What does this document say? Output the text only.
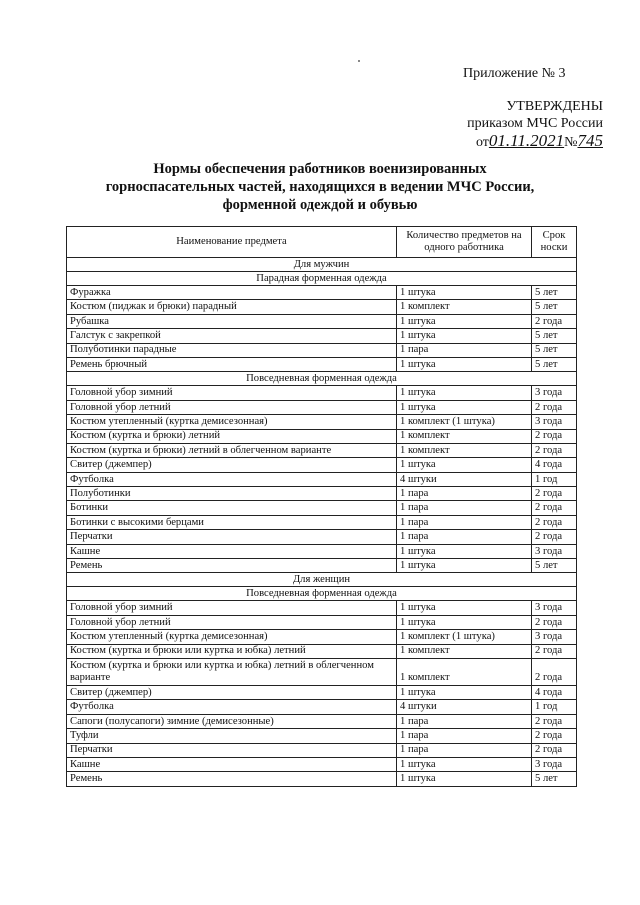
Приложение № 3
УТВЕРЖДЕНЫ
приказом МЧС России
от01.11.2021№745
Нормы обеспечения работников военизированных
горноспасательных частей, находящихся в ведении МЧС России,
форменной одеждой и обувью
Наименование предмета	Количество предметов на одного работника	Срок носки
Для мужчин		
Парадная форменная одежда		
Фуражка	1 штука	5 лет
Костюм (пиджак и брюки) парадный	1 комплект	5 лет
Рубашка	1 штука	2 года
Галстук с закрепкой	1 штука	5 лет
Полуботинки парадные	1 пара	5 лет
Ремень брючный	1 штука	5 лет
Повседневная форменная одежда		
Головной убор зимний	1 штука	3 года
Головной убор летний	1 штука	2 года
Костюм утепленный (куртка демисезонная)	1 комплект (1 штука)	3 года
Костюм (куртка и брюки) летний	1 комплект	2 года
Костюм (куртка и брюки) летний в облегченном варианте	1 комплект	2 года
Свитер (джемпер)	1 штука	4 года
Футболка	4 штуки	1 год
Полуботинки	1 пара	2 года
Ботинки	1 пара	2 года
Ботинки с высокими берцами	1 пара	2 года
Перчатки	1 пара	2 года
Кашне	1 штука	3 года
Ремень	1 штука	5 лет
Для женщин		
Повседневная форменная одежда		
Головной убор зимний	1 штука	3 года
Головной убор летний	1 штука	2 года
Костюм утепленный (куртка демисезонная)	1 комплект (1 штука)	3 года
Костюм (куртка и брюки или куртка и юбка) летний	1 комплект	2 года
Костюм (куртка и брюки или куртка и юбка) летний в облегченном варианте	1 комплект	2 года
Свитер (джемпер)	1 штука	4 года
Футболка	4 штуки	1 год
Сапоги (полусапоги) зимние (демисезонные)	1 пара	2 года
Туфли	1 пара	2 года
Перчатки	1 пара	2 года
Кашне	1 штука	3 года
Ремень	1 штука	5 лет
